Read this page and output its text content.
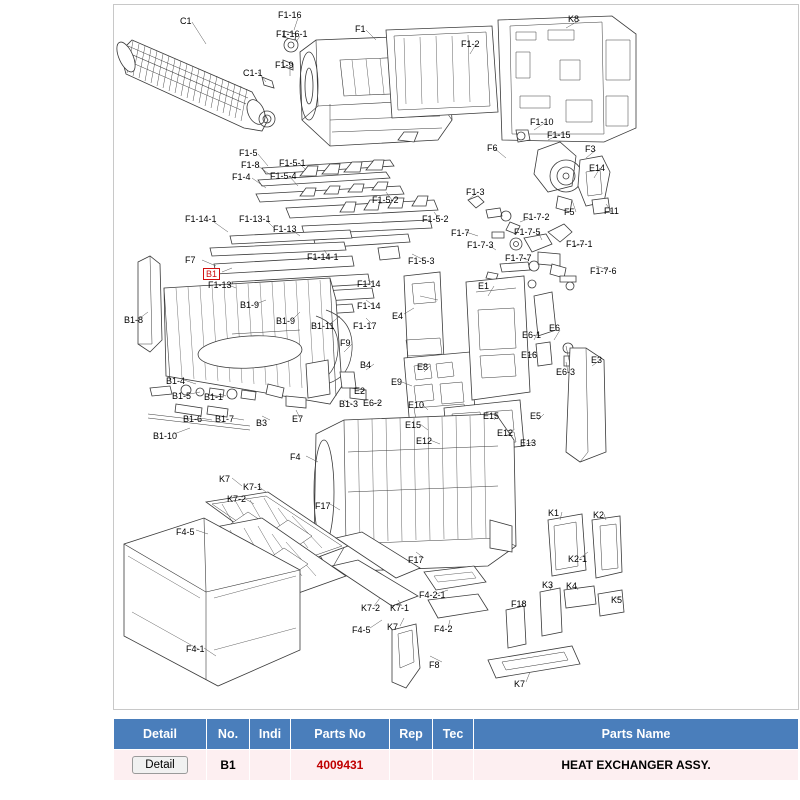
C1
F1-16
F1
F1-2
K8
F1-16-1
F1-9
C1-1
F1-10
F1-15
F6	F3
F1-5
F1-8 F1-5-1	E14
F1-4 F1-5-4
F1-3
F1-5-2
F5	F11
F1-5-2	F1-7-2
F1-14-1 F1-13-1
F1-13	F1-7
F1-7-3
F1-7-5
F1-7-1
F1-14-1	F1-7-7
F1-7-6
F7	F1-5-3
E1
F1-13	F1-14
B1-9
E4
F1-14
B1-9 B1-11 F1-17
E6-1
E6
B1-8
E16	E3
E6-3
F9
E8
B4
B1-4	E9
B1-5 B1-1
B1-3
E2
E6-2	E10
B1-6 B1-7 B3	E7
E15
E15	E5
B1-10	E12
E12
E13
F4
K7
K7-1
K7-2
F17
K1	K2
F4-5
K2-1
F17
K3 K4
K5
F4-2-1
F18
K7-2 K7-1
F4-5 K7	F4-2
F4-1
F8
K7
B1
Detail	No.	Indi	Parts No	Rep	Tec	Parts Name
Detail	B1		4009431			HEAT EXCHANGER ASSY.
